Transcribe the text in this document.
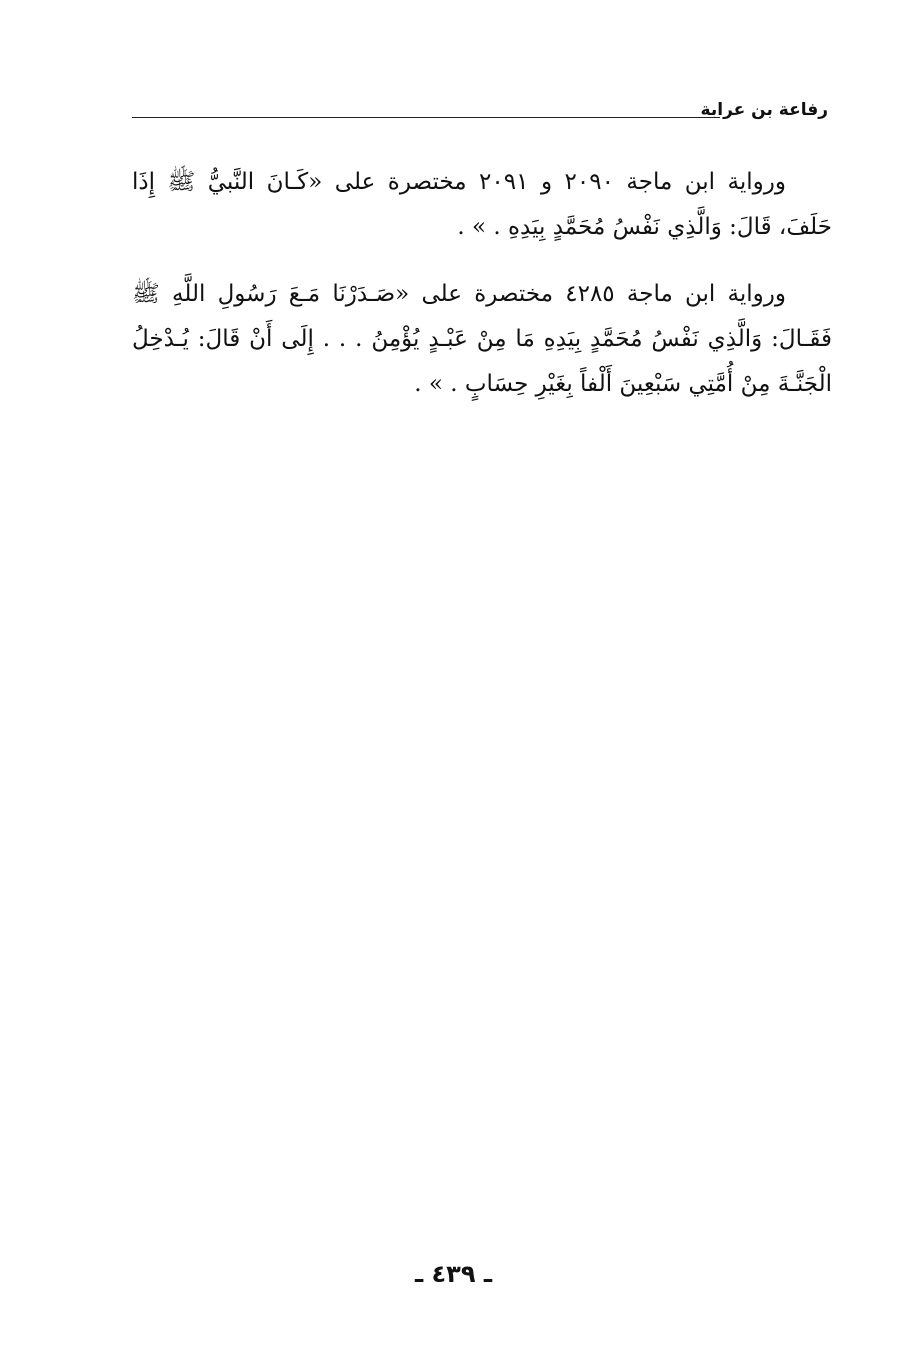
رفاعة بن عرابة

ورواية ابن ماجة ٢٠٩٠ و ٢٠٩١ مختصرة على «كَـانَ النَّبيُّ ﷺ إِذَا حَلَفَ، قَالَ: وَالَّذِي نَفْسُ مُحَمَّدٍ بِيَدِهِ . » .

ورواية ابن ماجة ٤٢٨٥ مختصرة على «صَـدَرْنَا مَـعَ رَسُولِ اللَّهِ ﷺ فَقَـالَ: وَالَّذِي نَفْسُ مُحَمَّدٍ بِيَدِهِ مَا مِنْ عَبْـدٍ يُؤْمِنُ . . . إِلَى أَنْ قَالَ: يُـدْخِلُ الْجَنَّـةَ مِنْ أُمَّتِي سَبْعِينَ أَلْفاً بِغَيْرِ حِسَابٍ . » .

ـ ٤٣٩ ـ
